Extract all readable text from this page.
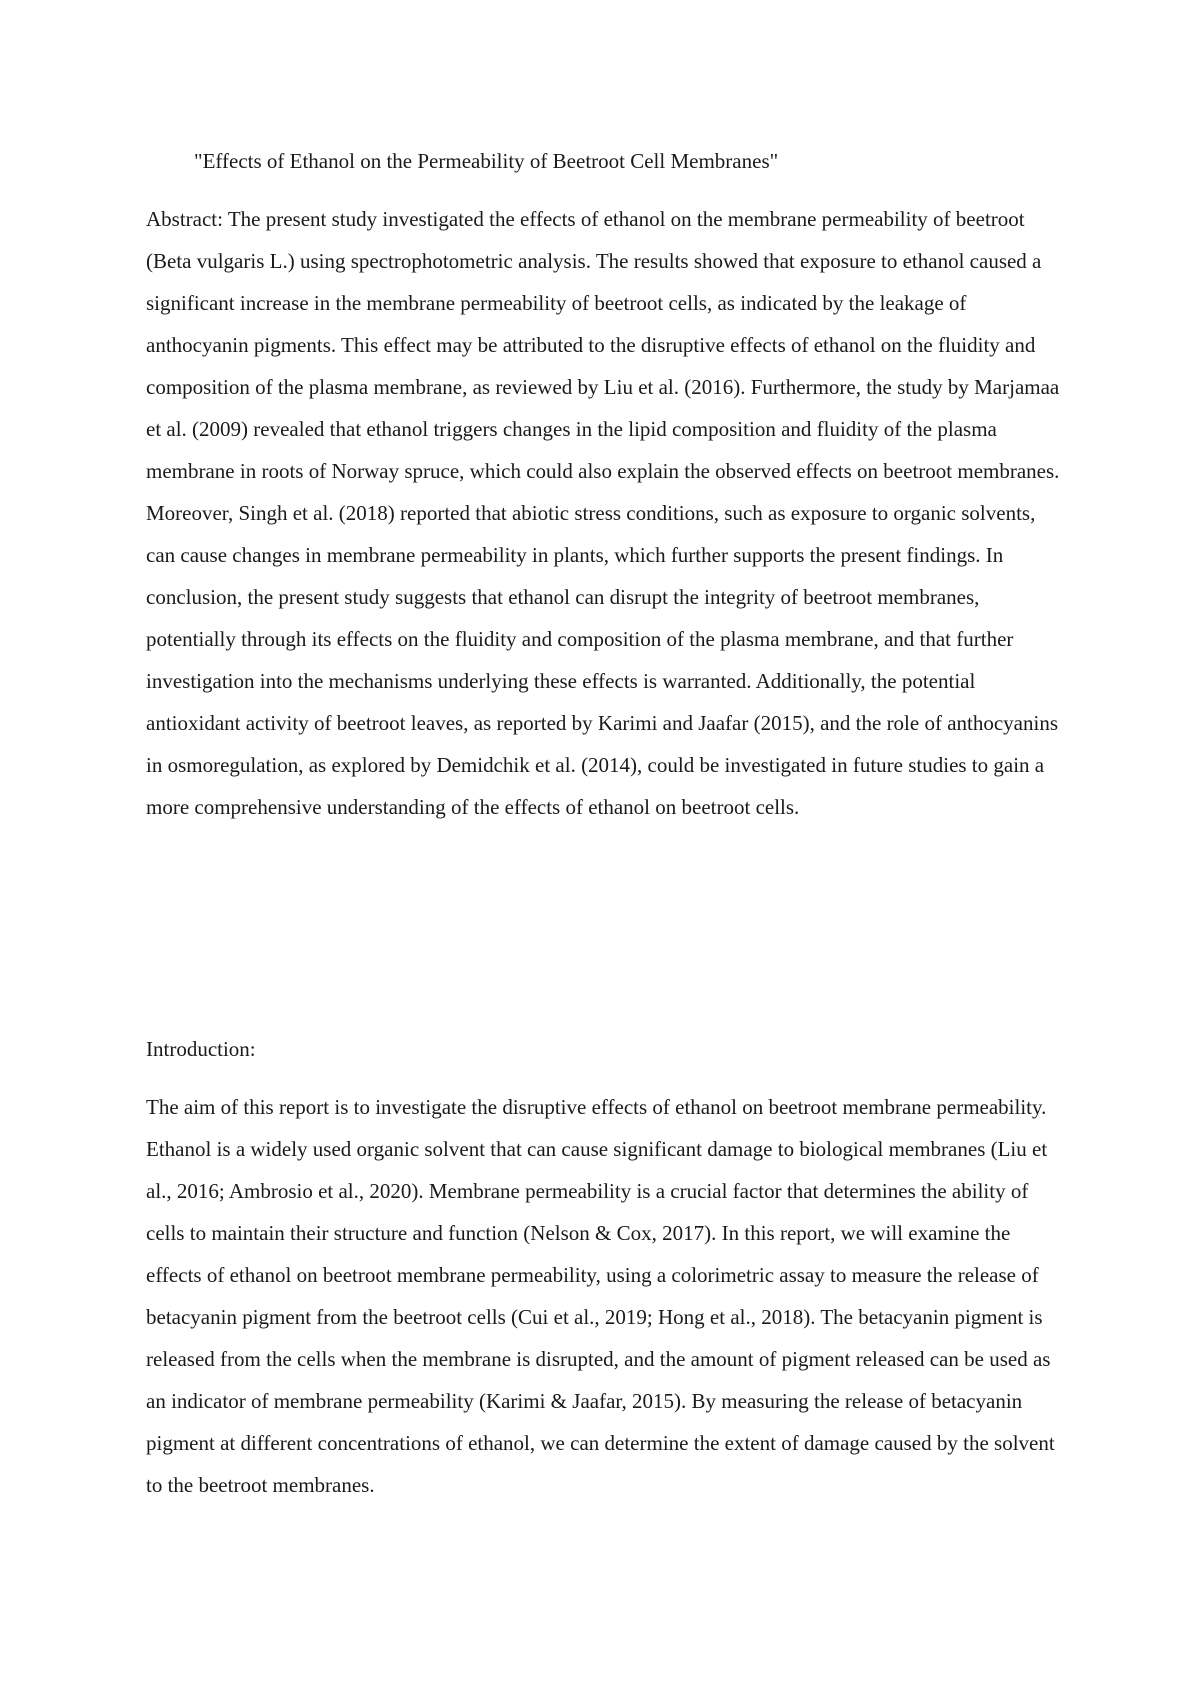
"Effects of Ethanol on the Permeability of Beetroot Cell Membranes"

Abstract: The present study investigated the effects of ethanol on the membrane permeability of beetroot (Beta vulgaris L.) using spectrophotometric analysis. The results showed that exposure to ethanol caused a significant increase in the membrane permeability of beetroot cells, as indicated by the leakage of anthocyanin pigments. This effect may be attributed to the disruptive effects of ethanol on the fluidity and composition of the plasma membrane, as reviewed by Liu et al. (2016). Furthermore, the study by Marjamaa et al. (2009) revealed that ethanol triggers changes in the lipid composition and fluidity of the plasma membrane in roots of Norway spruce, which could also explain the observed effects on beetroot membranes. Moreover, Singh et al. (2018) reported that abiotic stress conditions, such as exposure to organic solvents, can cause changes in membrane permeability in plants, which further supports the present findings. In conclusion, the present study suggests that ethanol can disrupt the integrity of beetroot membranes, potentially through its effects on the fluidity and composition of the plasma membrane, and that further investigation into the mechanisms underlying these effects is warranted. Additionally, the potential antioxidant activity of beetroot leaves, as reported by Karimi and Jaafar (2015), and the role of anthocyanins in osmoregulation, as explored by Demidchik et al. (2014), could be investigated in future studies to gain a more comprehensive understanding of the effects of ethanol on beetroot cells.

Introduction:

The aim of this report is to investigate the disruptive effects of ethanol on beetroot membrane permeability. Ethanol is a widely used organic solvent that can cause significant damage to biological membranes (Liu et al., 2016; Ambrosio et al., 2020). Membrane permeability is a crucial factor that determines the ability of cells to maintain their structure and function (Nelson & Cox, 2017). In this report, we will examine the effects of ethanol on beetroot membrane permeability, using a colorimetric assay to measure the release of betacyanin pigment from the beetroot cells (Cui et al., 2019; Hong et al., 2018). The betacyanin pigment is released from the cells when the membrane is disrupted, and the amount of pigment released can be used as an indicator of membrane permeability (Karimi & Jaafar, 2015). By measuring the release of betacyanin pigment at different concentrations of ethanol, we can determine the extent of damage caused by the solvent to the beetroot membranes.
